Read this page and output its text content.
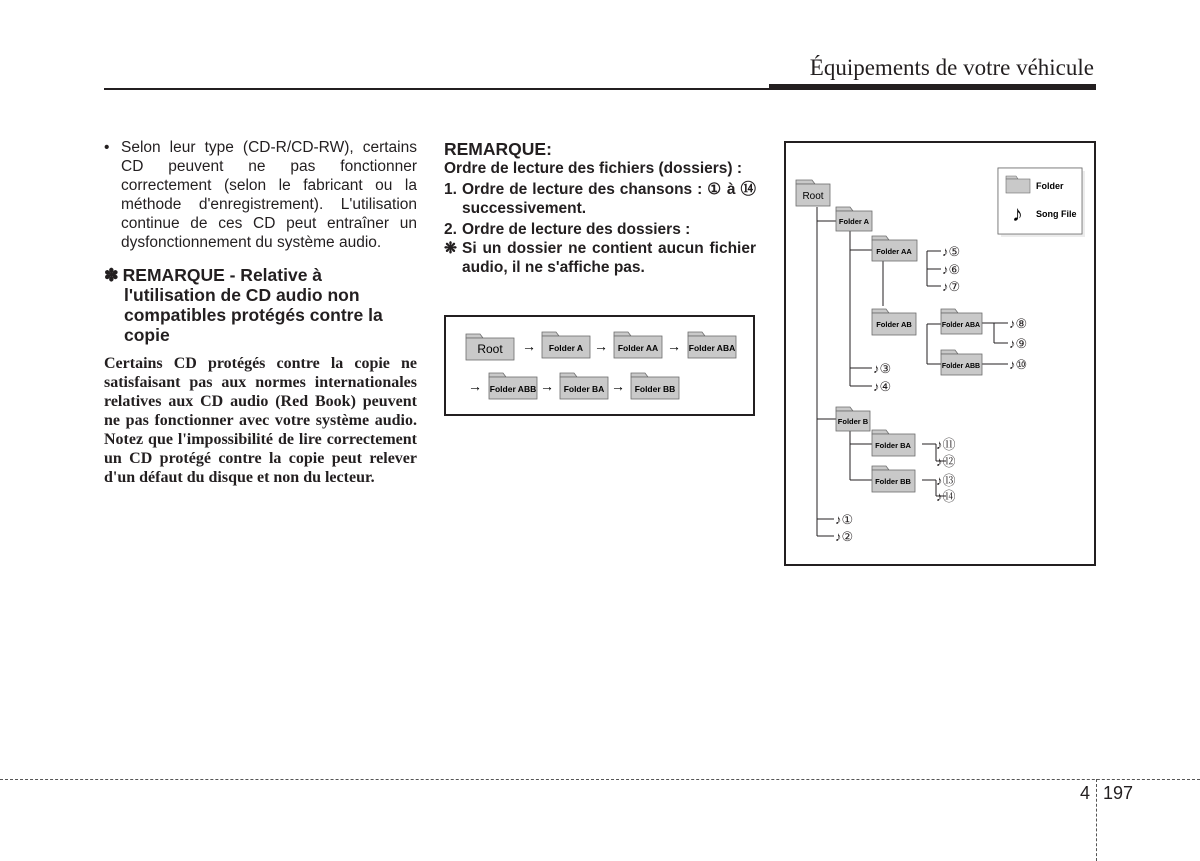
Équipements de votre véhicule
• Selon leur type (CD-R/CD-RW), certains CD peuvent ne pas fonctionner correctement (selon le fabricant ou la méthode d'enregistrement). L'utilisation continue de ces CD peut entraîner un dysfonctionnement du système audio.
✽ REMARQUE - Relative à
l'utilisation de CD audio non compatibles protégés contre la copie
Certains CD protégés contre la copie ne satisfaisant pas aux normes internationales relatives aux CD audio (Red Book) peuvent ne pas fonctionner avec votre système audio. Notez que l'impossibilité de lire correctement un CD protégé contre la copie peut relever d'un défaut du disque et non du lecteur.
REMARQUE:
Ordre de lecture des fichiers (dossiers) :
1. Ordre de lecture des chansons : ① à ⑭ successivement.
2. Ordre de lecture des dossiers :
❋ Si un dossier ne contient aucun fichier audio, il ne s'affiche pas.
Root → Folder A → Folder AA → Folder ABA
→ Folder ABB → Folder BA → Folder BB
Folder
♪ Song File
Root
Folder A
Folder AA
Folder AB	Folder ABA
Folder ABB
Folder B
Folder BA
Folder BB
♪⑤
♪⑥
♪⑦
♪⑧
♪⑨
♪⑩
♪③
♪④
♪⑪
♪⑫
♪⑬
♪⑭
♪①
♪②
4 197
